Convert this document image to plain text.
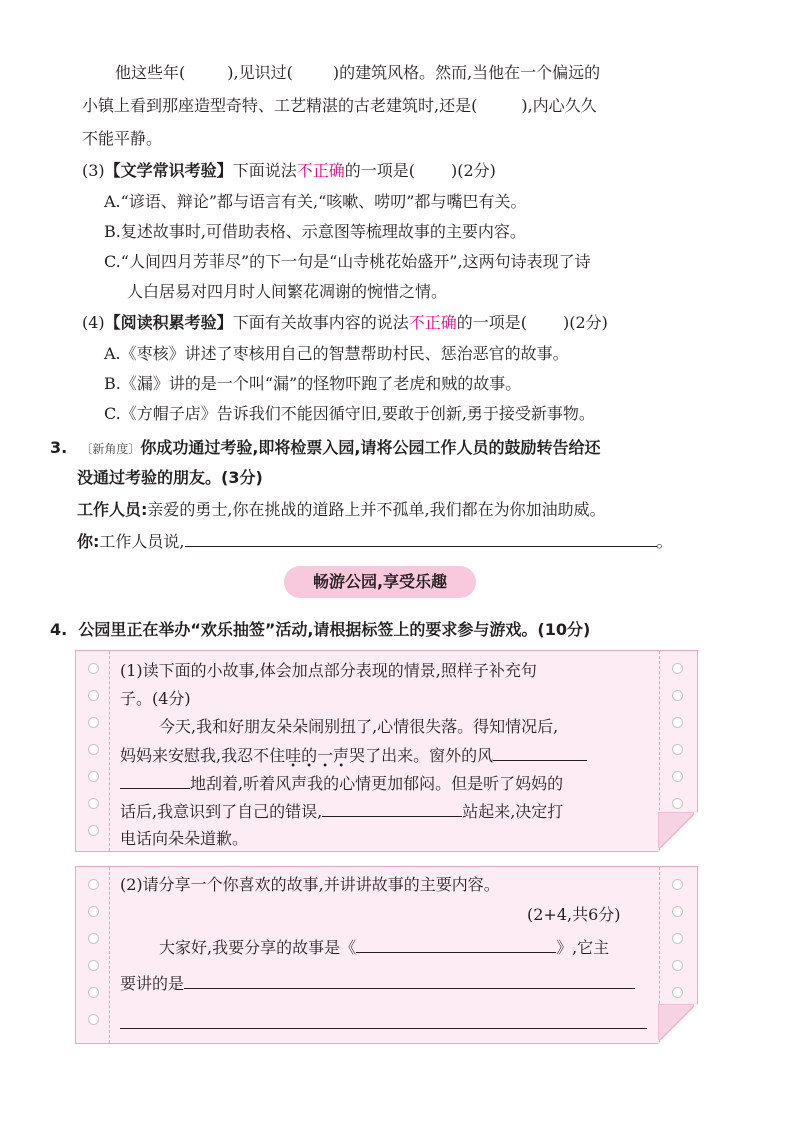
他这些年(	),见识过(	)的建筑风格。然而,当他在一个偏远的
小镇上看到那座造型奇特、工艺精湛的古老建筑时,还是(	),内心久久
不能平静。
(3)【文学常识考验】下面说法不正确的一项是( )(2分)
A.“谚语、辩论”都与语言有关,“咳嗽、唠叨”都与嘴巴有关。
B.复述故事时,可借助表格、示意图等梳理故事的主要内容。
C.“人间四月芳菲尽”的下一句是“山寺桃花始盛开”,这两句诗表现了诗
人白居易对四月时人间繁花凋谢的惋惜之情。
(4)【阅读积累考验】下面有关故事内容的说法不正确的一项是( )(2分)
A.《枣核》讲述了枣核用自己的智慧帮助村民、惩治恶官的故事。
B.《漏》讲的是一个叫“漏”的怪物吓跑了老虎和贼的故事。
C.《方帽子店》告诉我们不能因循守旧,要敢于创新,勇于接受新事物。
3. 〔新角度〕你成功通过考验,即将检票入园,请将公园工作人员的鼓励转告给还
没通过考验的朋友。(3分)
工作人员:亲爱的勇士,你在挑战的道路上并不孤单,我们都在为你加油助威。
你:工作人员说,	。
畅游公园,享受乐趣
4. 公园里正在举办“欢乐抽签”活动,请根据标签上的要求参与游戏。(10分)
(1)读下面的小故事,体会加点部分表现的情景,照样子补充句
子。(4分)
今天,我和好朋友朵朵闹别扭了,心情很失落。得知情况后,
妈妈来安慰我,我忍不住哇的一声哭了出来。窗外的风
地刮着,听着风声我的心情更加郁闷。但是听了妈妈的
话后,我意识到了自己的错误,	站起来,决定打
电话向朵朵道歉。
(2)请分享一个你喜欢的故事,并讲讲故事的主要内容。
(2+4,共6分)
大家好,我要分享的故事是《	》,它主
要讲的是
